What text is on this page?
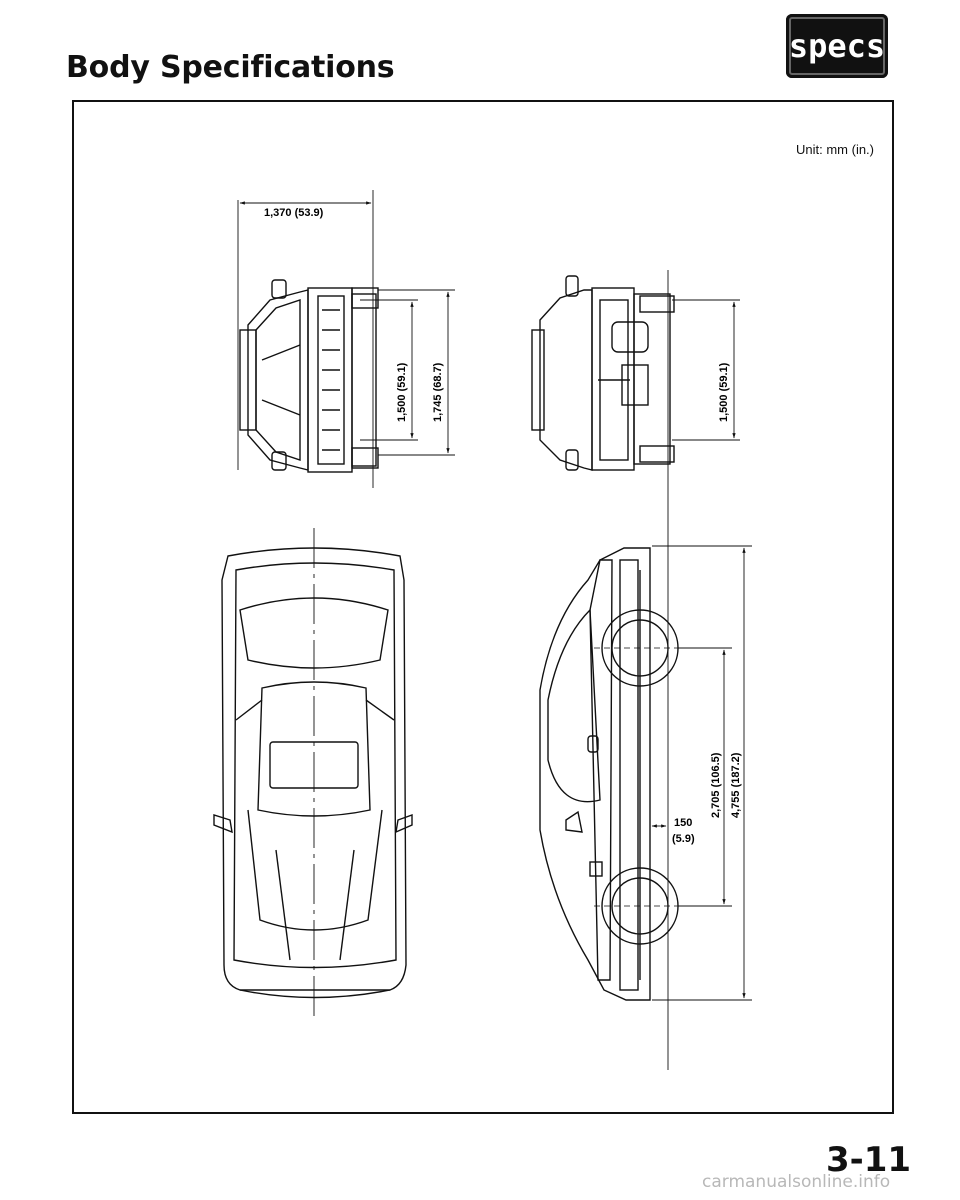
Body Specifications
specs
Unit: mm (in.)
1,370 (53.9)
1,500 (59.1) 1,745 (68.7)	1,500 (59.1)
2,705 (106.5) 4,755 (187.2)
150
(5.9)
3-11
carmanualsonline.info
